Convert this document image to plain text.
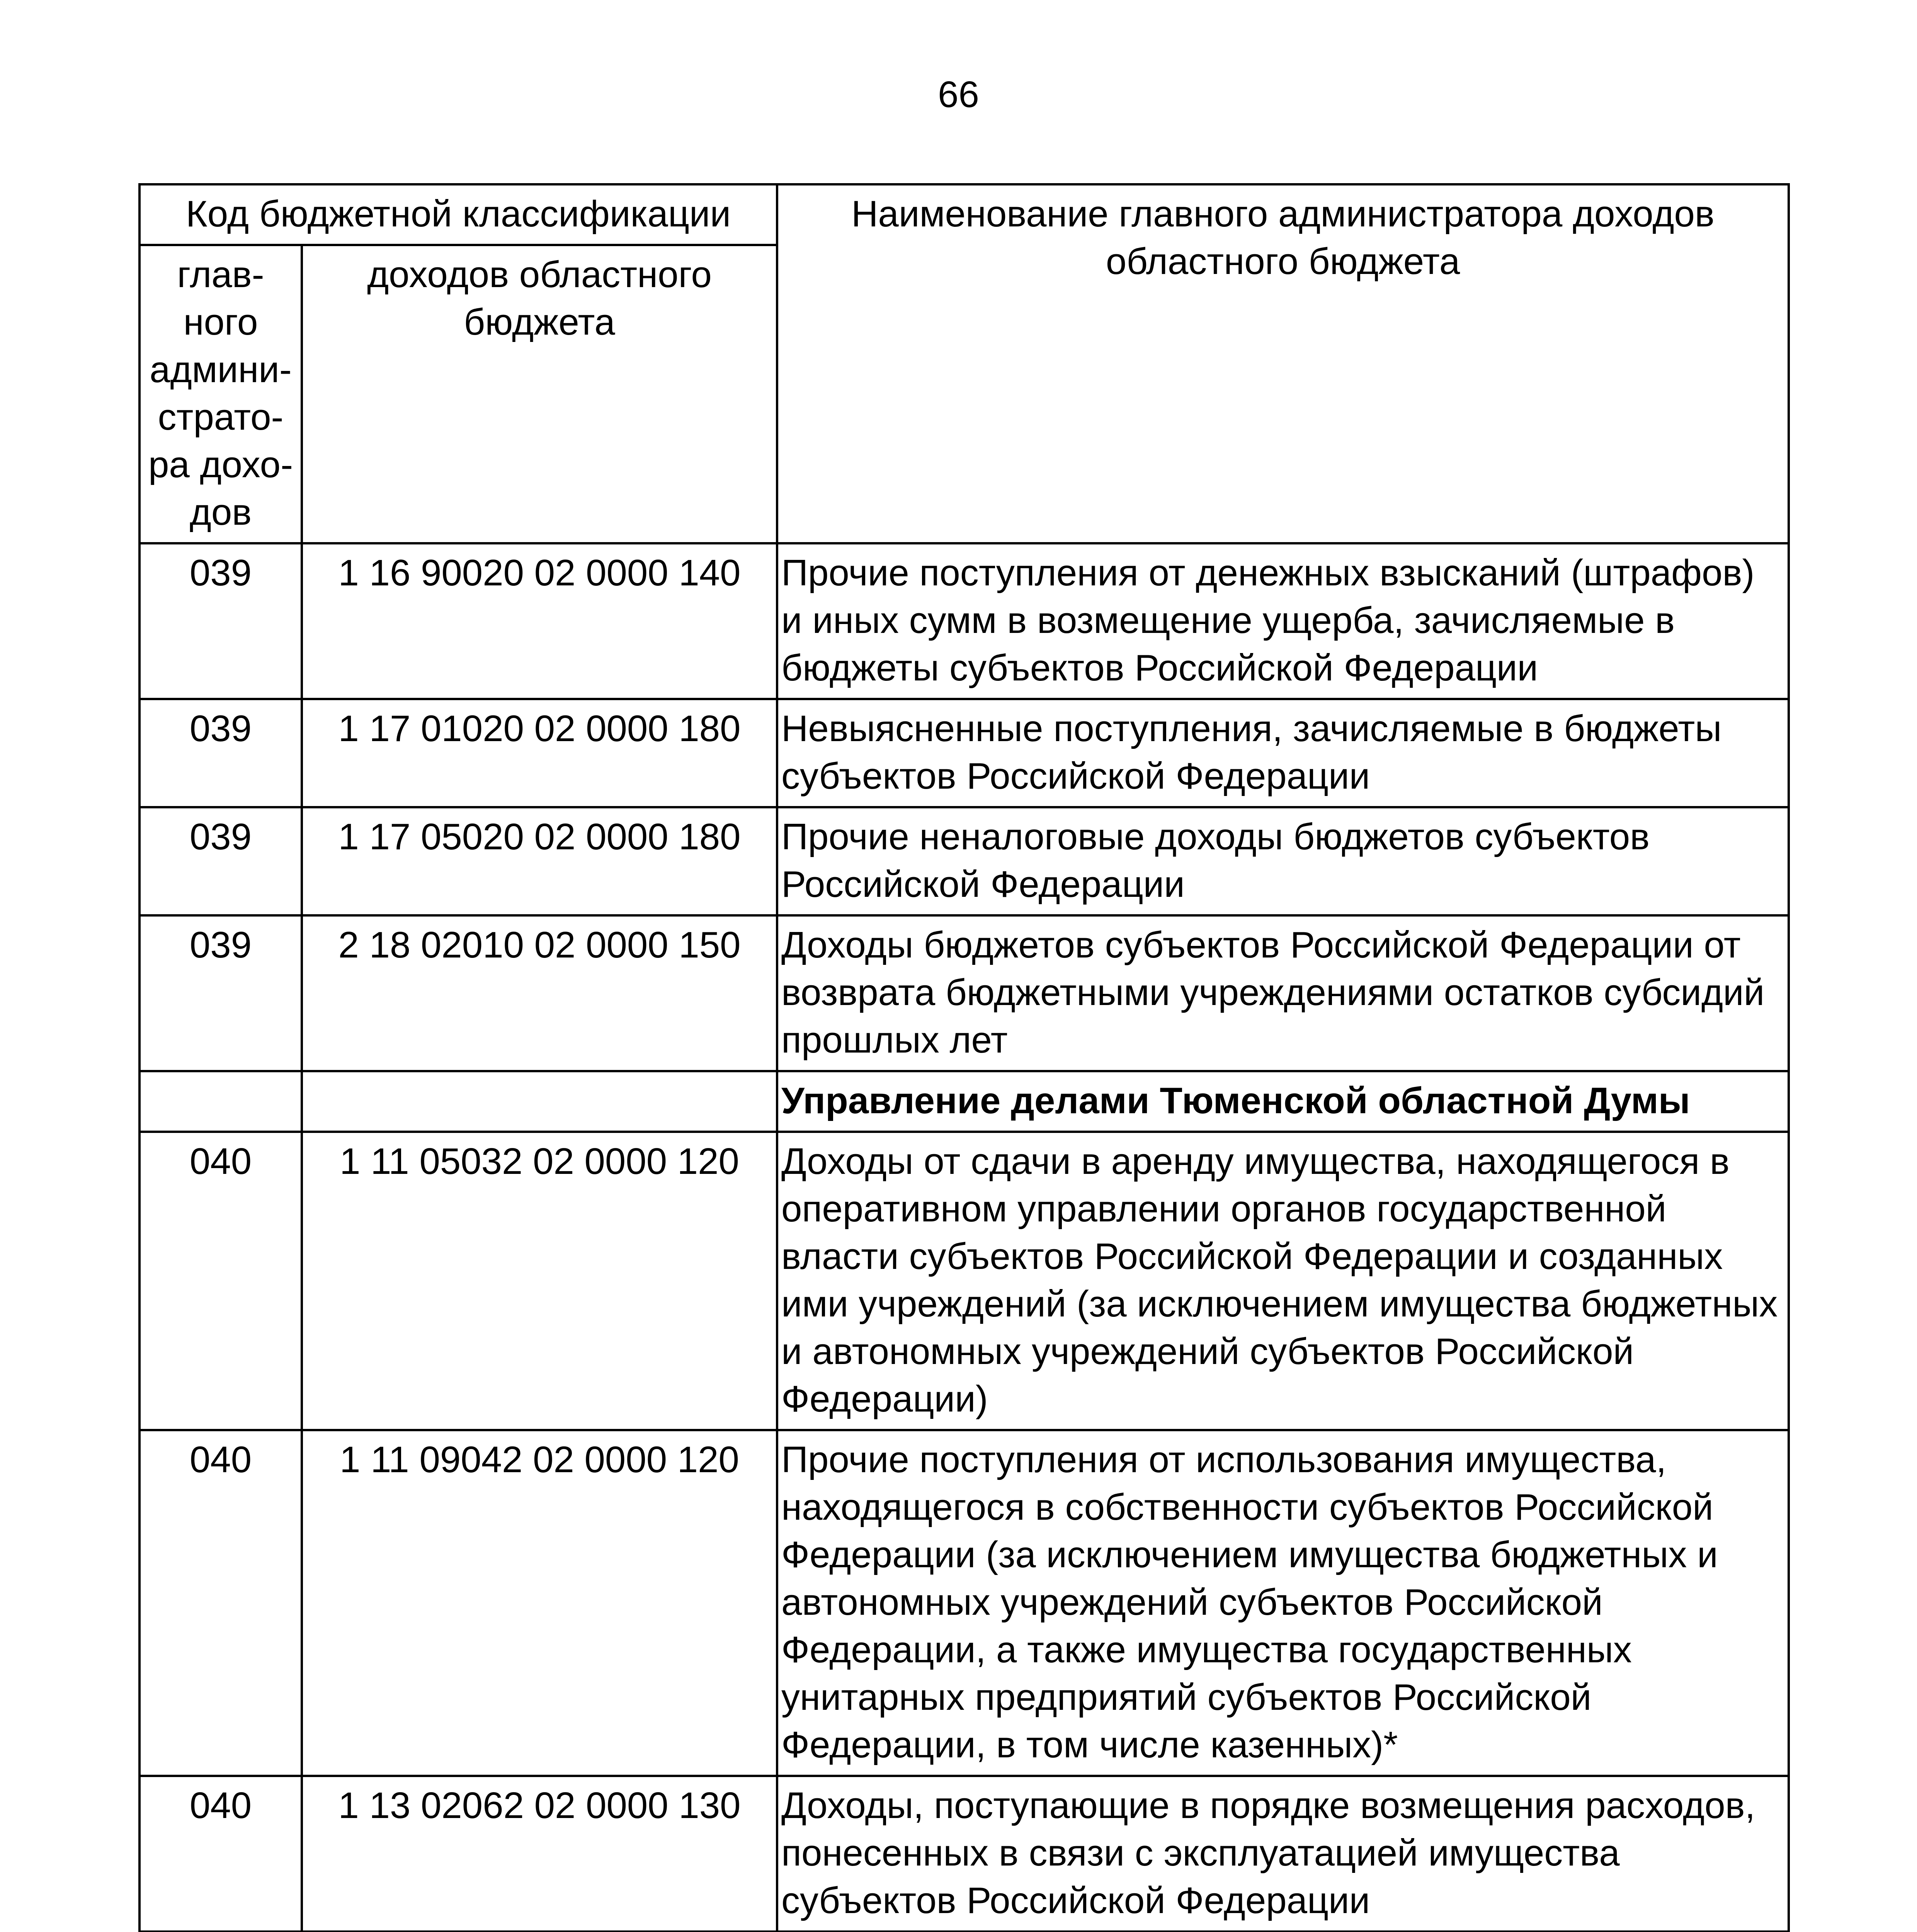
66
Код бюджетной классификации		Наименование главного администратора доходов областного бюджета
глав-ного админи-страто-ра дохо-дов	доходов областного бюджета	
039	1 16 90020 02 0000 140	Прочие поступления от денежных взысканий (штрафов) и иных сумм в возмещение ущерба, зачисляемые в бюджеты субъектов Российской Федерации
039	1 17 01020 02 0000 180	Невыясненные поступления, зачисляемые в бюджеты субъектов Российской Федерации
039	1 17 05020 02 0000 180	Прочие неналоговые доходы бюджетов субъектов Российской Федерации
039	2 18 02010 02 0000 150	Доходы бюджетов субъектов Российской Федерации от возврата бюджетными учреждениями остатков субсидий прошлых лет
		Управление делами Тюменской областной Думы
040	1 11 05032 02 0000 120	Доходы от сдачи в аренду имущества, находящегося в оперативном управлении органов государственной власти субъектов Российской Федерации и созданных ими учреждений (за исключением имущества бюджетных и автономных учреждений субъектов Российской Федерации)
040	1 11 09042 02 0000 120	Прочие поступления от использования имущества, находящегося в собственности субъектов Российской Федерации (за исключением имущества бюджетных и автономных учреждений субъектов Российской Федерации, а также имущества государственных унитарных предприятий субъектов Российской Федерации, в том числе казенных)*
040	1 13 02062 02 0000 130	Доходы, поступающие в порядке возмещения расходов, понесенных в связи с эксплуатацией имущества субъектов Российской Федерации
